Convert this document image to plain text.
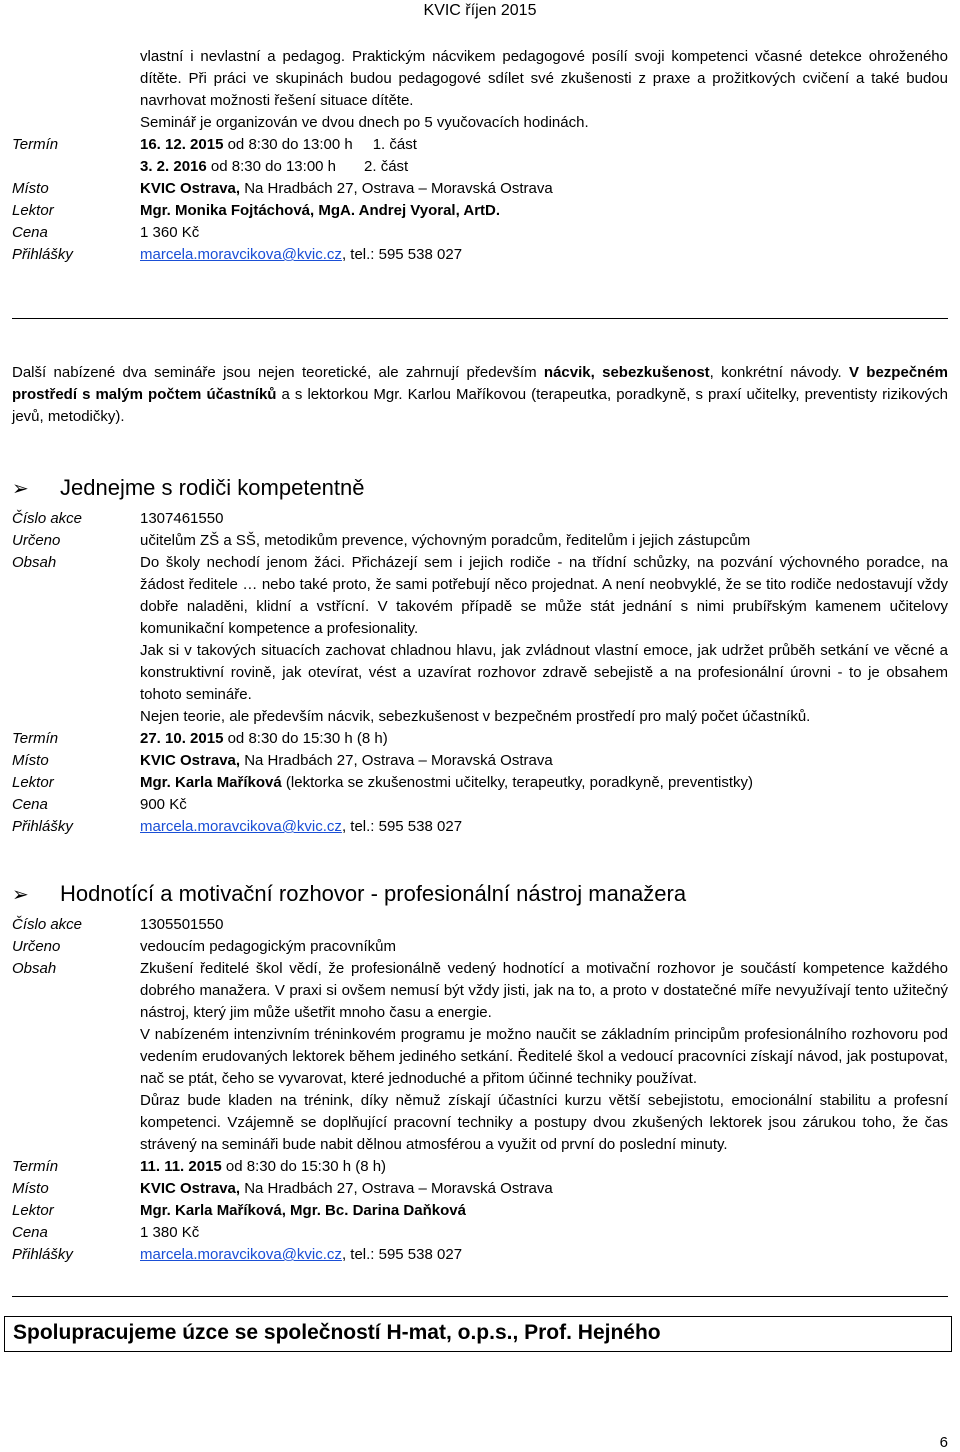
KVIC říjen 2015
vlastní i nevlastní a pedagog. Praktickým nácvikem pedagogové posílí svoji kompetenci včasné detekce ohroženého dítěte. Při práci ve skupinách budou pedagogové sdílet své zkušenosti z praxe a prožitkových cvičení a také budou navrhovat možnosti řešení situace dítěte.
Seminář je organizován ve dvou dnech po 5 vyučovacích hodinách.
Termín	16. 12. 2015 od 8:30 do 13:00 h 1. část
3. 2. 2016 od 8:30 do 13:00 h 2. část
Místo	KVIC Ostrava, Na Hradbách 27, Ostrava – Moravská Ostrava
Lektor	Mgr. Monika Fojtáchová, MgA. Andrej Vyoral, ArtD.
Cena	1 360 Kč
Přihlášky	marcela.moravcikova@kvic.cz, tel.: 595 538 027
Další nabízené dva semináře jsou nejen teoretické, ale zahrnují především nácvik, sebezkušenost, konkrétní návody. V bezpečném prostředí s malým počtem účastníků a s lektorkou Mgr. Karlou Maříkovou (terapeutka, poradkyně, s praxí učitelky, preventisty rizikových jevů, metodičky).
➢ Jednejme s rodiči kompetentně
Číslo akce	1307461550
Určeno	učitelům ZŠ a SŠ, metodikům prevence, výchovným poradcům, ředitelům i jejich zástupcům
Obsah	Do školy nechodí jenom žáci. Přicházejí sem i jejich rodiče - na třídní schůzky, na pozvání výchovného poradce, na žádost ředitele … nebo také proto, že sami potřebují něco projednat. A není neobvyklé, že se tito rodiče nedostavují vždy dobře naladěni, klidní a vstřícní. V takovém případě se může stát jednání s nimi prubířským kamenem učitelovy komunikační kompetence a profesionality.
Jak si v takových situacích zachovat chladnou hlavu, jak zvládnout vlastní emoce, jak udržet průběh setkání ve věcné a konstruktivní rovině, jak otevírat, vést a uzavírat rozhovor zdravě sebejistě a na profesionální úrovni - to je obsahem tohoto semináře.
Nejen teorie, ale především nácvik, sebezkušenost v bezpečném prostředí pro malý počet účastníků.
Termín	27. 10. 2015 od 8:30 do 15:30 h (8 h)
Místo	KVIC Ostrava, Na Hradbách 27, Ostrava – Moravská Ostrava
Lektor	Mgr. Karla Maříková (lektorka se zkušenostmi učitelky, terapeutky, poradkyně, preventistky)
Cena	900 Kč
Přihlášky	marcela.moravcikova@kvic.cz, tel.: 595 538 027
➢ Hodnotící a motivační rozhovor - profesionální nástroj manažera
Číslo akce	1305501550
Určeno	vedoucím pedagogickým pracovníkům
Obsah	Zkušení ředitelé škol vědí, že profesionálně vedený hodnotící a motivační rozhovor je součástí kompetence každého dobrého manažera. V praxi si ovšem nemusí být vždy jisti, jak na to, a proto v dostatečné míře nevyužívají tento užitečný nástroj, který jim může ušetřit mnoho času a energie.
V nabízeném intenzivním tréninkovém programu je možno naučit se základním principům profesionálního rozhovoru pod vedením erudovaných lektorek během jediného setkání. Ředitelé škol a vedoucí pracovníci získají návod, jak postupovat, nač se ptát, čeho se vyvarovat, které jednoduché a přitom účinné techniky používat.
Důraz bude kladen na trénink, díky němuž získají účastníci kurzu větší sebejistotu, emocionální stabilitu a profesní kompetenci. Vzájemně se doplňující pracovní techniky a postupy dvou zkušených lektorek jsou zárukou toho, že čas strávený na semináři bude nabit dělnou atmosférou a využit od první do poslední minuty.
Termín	11. 11. 2015 od 8:30 do 15:30 h (8 h)
Místo	KVIC Ostrava, Na Hradbách 27, Ostrava – Moravská Ostrava
Lektor	Mgr. Karla Maříková, Mgr. Bc. Darina Daňková
Cena	1 380 Kč
Přihlášky	marcela.moravcikova@kvic.cz, tel.: 595 538 027
Spolupracujeme úzce se společností H-mat, o.p.s., Prof. Hejného
6
